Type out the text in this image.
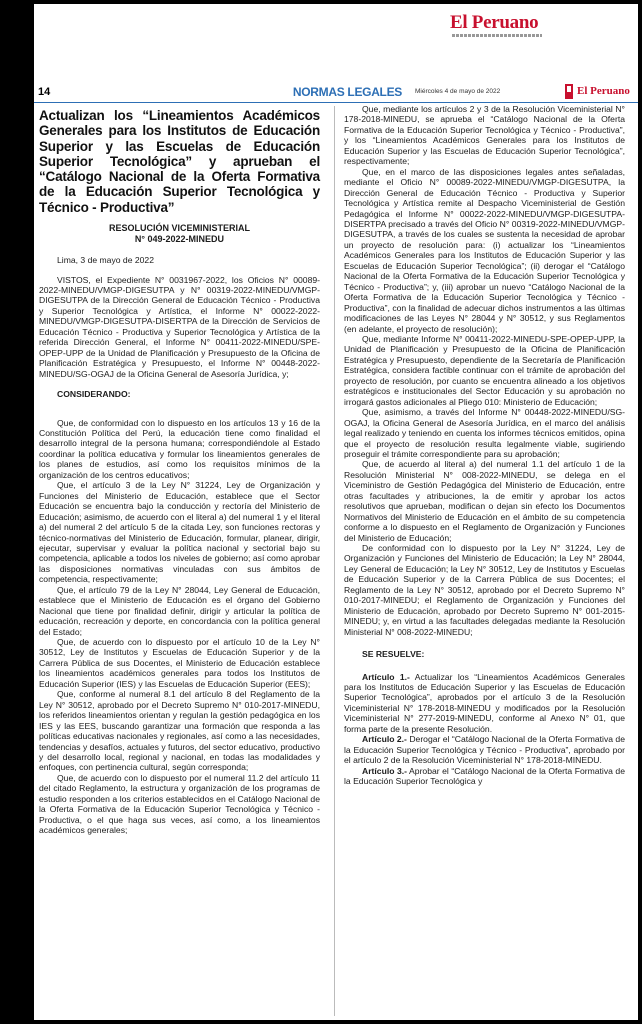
El Peruano
14	NORMAS LEGALES Miércoles 4 de mayo de 2022	El Peruano
Actualizan los “Lineamientos Académicos Generales para los Institutos de Educación Superior y las Escuelas de Educación Superior Tecnológica” y aprueban el “Catálogo Nacional de la Oferta Formativa de la Educación Superior Tecnológica y Técnico - Productiva”
RESOLUCIÓN VICEMINISTERIAL
N° 049-2022-MINEDU

Lima, 3 de mayo de 2022

VISTOS, el Expediente N° 0031967-2022, los Oficios N° 00089-2022-MINEDU/VMGP-DIGESUTPA y N° 00319-2022-MINEDU/VMGP-DIGESUTPA de la Dirección General de Educación Técnico - Productiva y Superior Tecnológica y Artística, el Informe N° 00022-2022-MINEDU/VMGP-DIGESUTPA-DISERTPA de la Dirección de Servicios de Educación Técnico - Productiva y Superior Tecnológica y Artística de la referida Dirección General, el Informe N° 00411-2022-MINEDU/SPE-OPEP-UPP de la Unidad de Planificación y Presupuesto de la Oficina de Planificación Estratégica y Presupuesto, el Informe N° 00448-2022-MINEDU/SG-OGAJ de la Oficina General de Asesoría Jurídica, y;

CONSIDERANDO:

Que, de conformidad con lo dispuesto en los artículos 13 y 16 de la Constitución Política del Perú, la educación tiene como finalidad el desarrollo integral de la persona humana; correspondiéndole al Estado coordinar la política educativa y formular los lineamientos generales de los planes de estudios, así como los requisitos mínimos de la organización de los centros educativos;

Que, el artículo 3 de la Ley N° 31224, Ley de Organización y Funciones del Ministerio de Educación, establece que el Sector Educación se encuentra bajo la conducción y rectoría del Ministerio de Educación; asimismo, de acuerdo con el literal a) del numeral 1 y el literal a) del numeral 2 del artículo 5 de la citada Ley, son funciones rectoras y técnico-normativas del Ministerio de Educación, formular, planear, dirigir, ejecutar, supervisar y evaluar la política nacional y sectorial bajo su competencia, aplicable a todos los niveles de gobierno; así como aprobar las disposiciones normativas vinculadas con sus ámbitos de competencia, respectivamente;

Que, el artículo 79 de la Ley N° 28044, Ley General de Educación, establece que el Ministerio de Educación es el órgano del Gobierno Nacional que tiene por finalidad definir, dirigir y articular la política de educación, recreación y deporte, en concordancia con la política general del Estado;

Que, de acuerdo con lo dispuesto por el artículo 10 de la Ley N° 30512, Ley de Institutos y Escuelas de Educación Superior y de la Carrera Pública de sus Docentes, el Ministerio de Educación establece los lineamientos académicos generales para todos los Institutos de Educación Superior (IES) y las Escuelas de Educación Superior (EES);

Que, conforme al numeral 8.1 del artículo 8 del Reglamento de la Ley N° 30512, aprobado por el Decreto Supremo N° 010-2017-MINEDU, los referidos lineamientos orientan y regulan la gestión pedagógica en los IES y las EES, buscando garantizar una formación que responda a las políticas educativas nacionales y regionales, así como a las necesidades, tendencias y desafíos, actuales y futuros, del sector educativo, productivo y del desarrollo local, regional y nacional, en todas las modalidades y enfoques, con pertinencia cultural, según corresponda;

Que, de acuerdo con lo dispuesto por el numeral 11.2 del artículo 11 del citado Reglamento, la estructura y organización de los programas de estudio responden a los criterios establecidos en el Catálogo Nacional de la Oferta Formativa de la Educación Superior Tecnológica y Técnico - Productiva, o el que haga sus veces, así como, a los lineamientos académicos generales;

Que, mediante los artículos 2 y 3 de la Resolución Viceministerial N° 178-2018-MINEDU, se aprueba el “Catálogo Nacional de la Oferta Formativa de la Educación Superior Tecnológica y Técnico - Productiva”, y los “Lineamientos Académicos Generales para los Institutos de Educación Superior y las Escuelas de Educación Superior Tecnológica”, respectivamente;

Que, en el marco de las disposiciones legales antes señaladas, mediante el Oficio N° 00089-2022-MINEDU/VMGP-DIGESUTPA, la Dirección General de Educación Técnico - Productiva y Superior Tecnológica y Artística remite al Despacho Viceministerial de Gestión Pedagógica el Informe N° 00022-2022-MINEDU/VMGP-DIGESUTPA-DISERTPA precisado a través del Oficio N° 00319-2022-MINEDU/VMGP-DIGESUTPA, a través de los cuales se sustenta la necesidad de aprobar un proyecto de resolución para: (i) actualizar los “Lineamientos Académicos Generales para los Institutos de Educación Superior y las Escuelas de Educación Superior Tecnológica”; (ii) derogar el “Catálogo Nacional de la Oferta Formativa de la Educación Superior Tecnológica y Técnico - Productiva”; y, (iii) aprobar un nuevo “Catálogo Nacional de la Oferta Formativa de la Educación Superior Tecnológica y Técnico - Productiva”, con la finalidad de adecuar dichos instrumentos a las últimas modificaciones de las Leyes N° 28044 y N° 30512, y sus Reglamentos (en adelante, el proyecto de resolución);

Que, mediante Informe N° 00411-2022-MINEDU-SPE-OPEP-UPP, la Unidad de Planificación y Presupuesto de la Oficina de Planificación Estratégica y Presupuesto, dependiente de la Secretaría de Planificación Estratégica, considera factible continuar con el trámite de aprobación del proyecto de resolución, por cuanto se encuentra alineado a los objetivos estratégicos e institucionales del Sector Educación y su aprobación no irrogará gastos adicionales al Pliego 010: Ministerio de Educación;

Que, asimismo, a través del Informe N° 00448-2022-MINEDU/SG-OGAJ, la Oficina General de Asesoría Jurídica, en el marco del análisis legal realizado y teniendo en cuenta los informes técnicos emitidos, opina que el proyecto de resolución resulta legalmente viable, sugiriendo proseguir el trámite correspondiente para su aprobación;

Que, de acuerdo al literal a) del numeral 1.1 del artículo 1 de la Resolución Ministerial N° 008-2022-MINEDU, se delega en el Viceministro de Gestión Pedagógica del Ministerio de Educación, entre otras facultades y atribuciones, la de emitir y aprobar los actos resolutivos que aprueban, modifican o dejan sin efecto los Documentos Normativos del Ministerio de Educación en el ámbito de su competencia conforme a lo dispuesto en el Reglamento de Organización y Funciones del Ministerio de Educación;

De conformidad con lo dispuesto por la Ley N° 31224, Ley de Organización y Funciones del Ministerio de Educación; la Ley N° 28044, Ley General de Educación; la Ley N° 30512, Ley de Institutos y Escuelas de Educación Superior y de la Carrera Pública de sus Docentes; el Reglamento de la Ley N° 30512, aprobado por el Decreto Supremo N° 010-2017-MINEDU; el Reglamento de Organización y Funciones del Ministerio de Educación, aprobado por Decreto Supremo N° 001-2015-MINEDU; y, en virtud a las facultades delegadas mediante la Resolución Ministerial N° 008-2022-MINEDU;

SE RESUELVE:

Artículo 1.- Actualizar los “Lineamientos Académicos Generales para los Institutos de Educación Superior y las Escuelas de Educación Superior Tecnológica”, aprobados por el artículo 3 de la Resolución Viceministerial N° 178-2018-MINEDU y modificados por la Resolución Viceministerial N° 277-2019-MINEDU, conforme al Anexo N° 01, que forma parte de la presente Resolución.

Artículo 2.- Derogar el “Catálogo Nacional de la Oferta Formativa de la Educación Superior Tecnológica y Técnico - Productiva”, aprobado por el artículo 2 de la Resolución Viceministerial N° 178-2018-MINEDU.

Artículo 3.- Aprobar el “Catálogo Nacional de la Oferta Formativa de la Educación Superior Tecnológica y
